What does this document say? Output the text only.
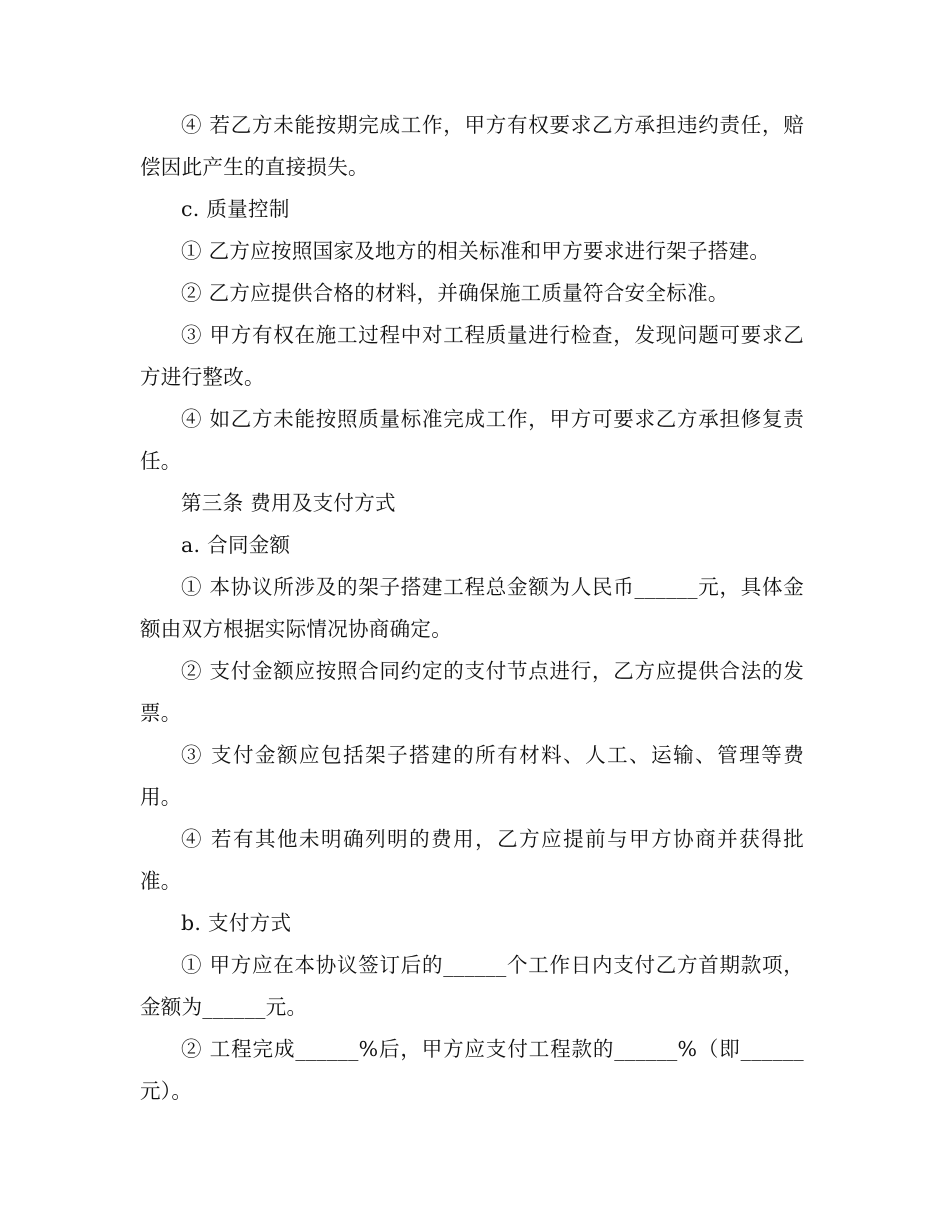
④ 若乙方未能按期完成工作，甲方有权要求乙方承担违约责任，赔偿因此产生的直接损失。

c. 质量控制

① 乙方应按照国家及地方的相关标准和甲方要求进行架子搭建。

② 乙方应提供合格的材料，并确保施工质量符合安全标准。

③ 甲方有权在施工过程中对工程质量进行检查，发现问题可要求乙方进行整改。

④ 如乙方未能按照质量标准完成工作，甲方可要求乙方承担修复责任。

第三条 费用及支付方式

a. 合同金额

① 本协议所涉及的架子搭建工程总金额为人民币______元，具体金额由双方根据实际情况协商确定。

② 支付金额应按照合同约定的支付节点进行，乙方应提供合法的发票。

③ 支付金额应包括架子搭建的所有材料、人工、运输、管理等费用。

④ 若有其他未明确列明的费用，乙方应提前与甲方协商并获得批准。

b. 支付方式

① 甲方应在本协议签订后的______个工作日内支付乙方首期款项，金额为______元。

② 工程完成______%后，甲方应支付工程款的______%（即______元）。
